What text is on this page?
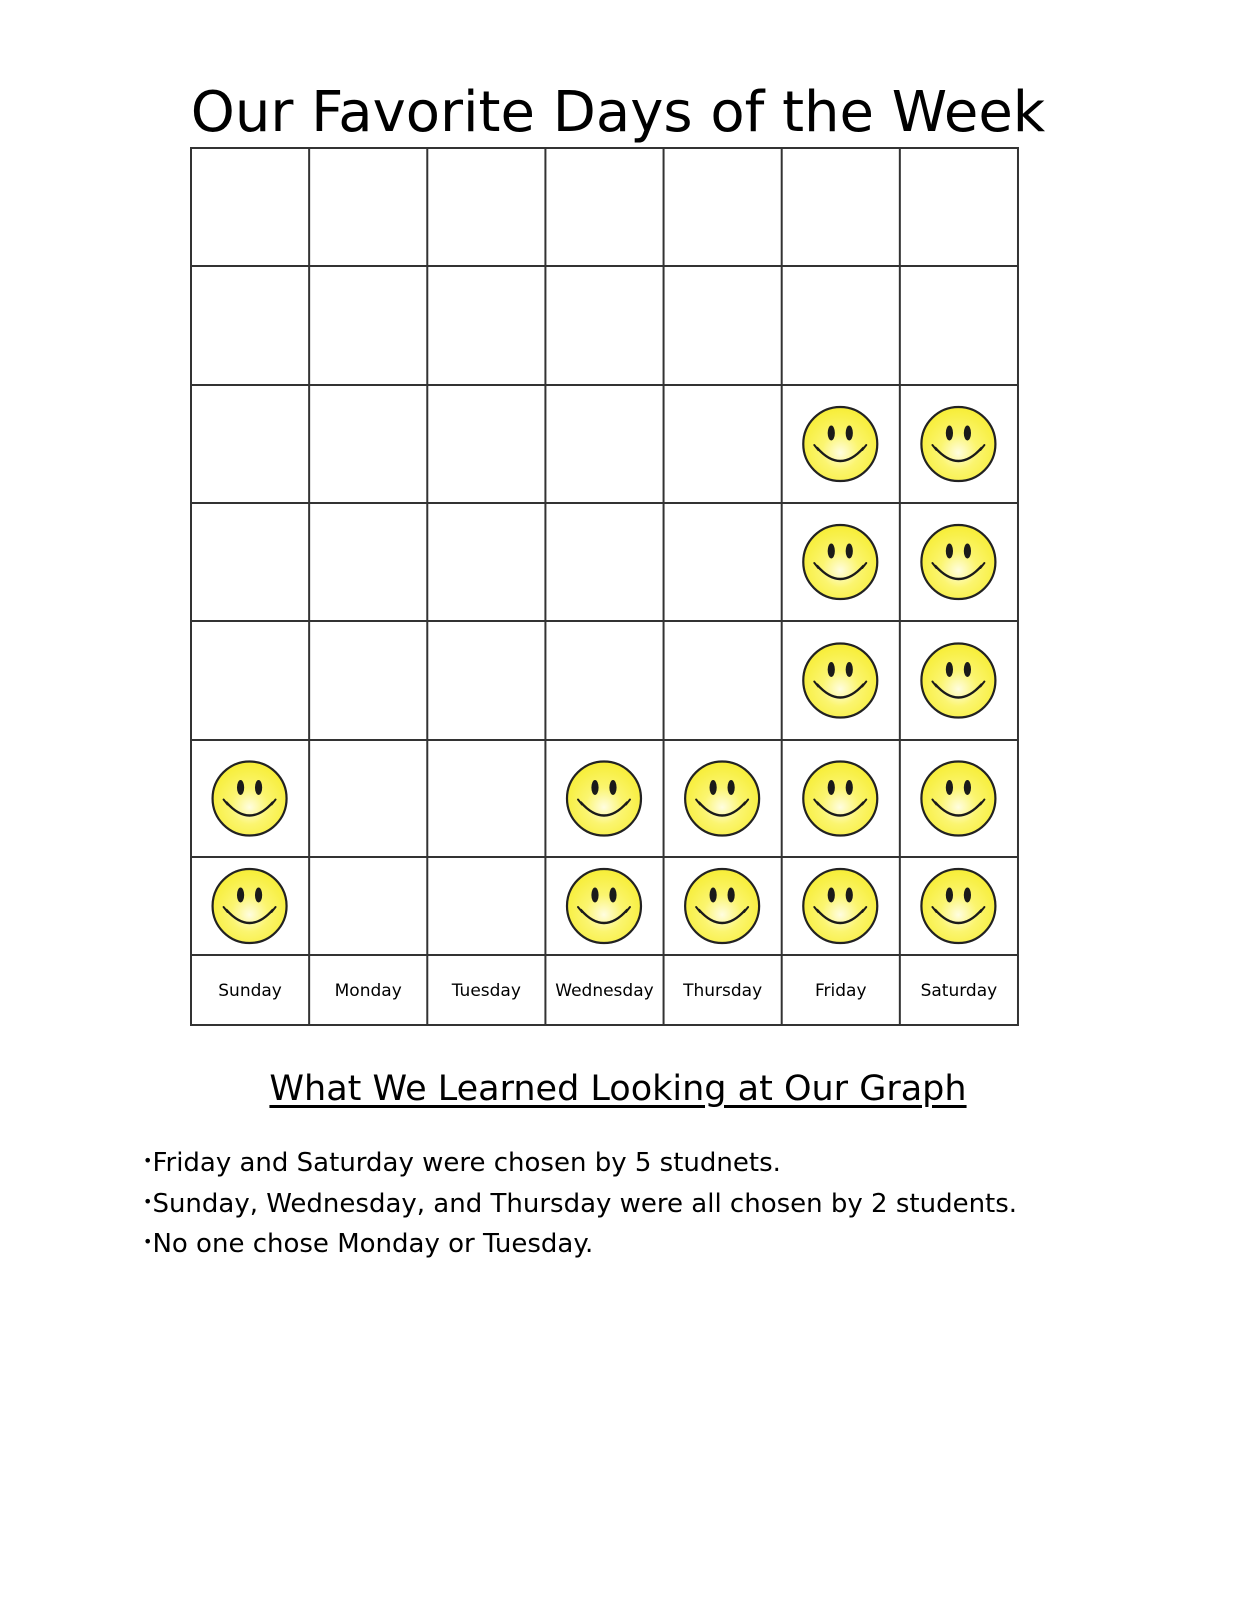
Our Favorite Days of the Week
Sunday	Monday	Tuesday Wednesday Thursday	Friday	Saturday
What We Learned Looking at Our Graph
•Friday and Saturday were chosen by 5 studnets.
•Sunday, Wednesday, and Thursday were all chosen by 2 students.
•No one chose Monday or Tuesday.
